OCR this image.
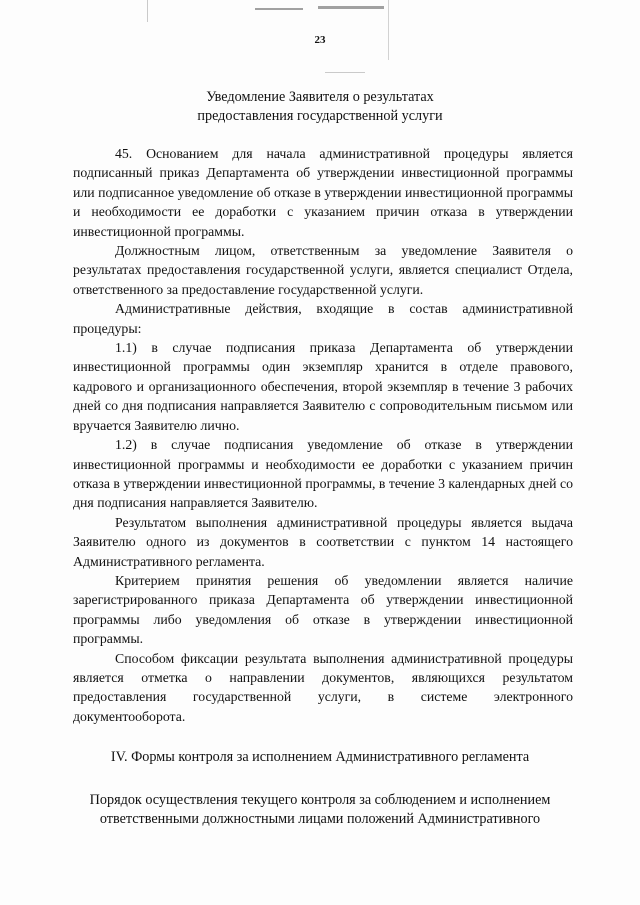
23
Уведомление Заявителя о результатах
предоставления государственной услуги

45. Основанием для начала административной процедуры является подписанный приказ Департамента об утверждении инвестиционной программы или подписанное уведомление об отказе в утверждении инвестиционной программы и необходимости ее доработки с указанием причин отказа в утверждении инвестиционной программы.

Должностным лицом, ответственным за уведомление Заявителя о результатах предоставления государственной услуги, является специалист Отдела, ответственного за предоставление государственной услуги.

Административные действия, входящие в состав административной процедуры:

1.1) в случае подписания приказа Департамента об утверждении инвестиционной программы один экземпляр хранится в отделе правового, кадрового и организационного обеспечения, второй экземпляр в течение 3 рабочих дней со дня подписания направляется Заявителю с сопроводительным письмом или вручается Заявителю лично.

1.2) в случае подписания уведомление об отказе в утверждении инвестиционной программы и необходимости ее доработки с указанием причин отказа в утверждении инвестиционной программы, в течение 3 календарных дней со дня подписания направляется Заявителю.

Результатом выполнения административной процедуры является выдача Заявителю одного из документов в соответствии с пунктом 14 настоящего Административного регламента.

Критерием принятия решения об уведомлении является наличие зарегистрированного приказа Департамента об утверждении инвестиционной программы либо уведомления об отказе в утверждении инвестиционной программы.

Способом фиксации результата выполнения административной процедуры является отметка о направлении документов, являющихся результатом предоставления государственной услуги, в системе электронного документооборота.

IV. Формы контроля за исполнением Административного регламента
Порядок осуществления текущего контроля за соблюдением и исполнением
ответственными должностными лицами положений Административного
